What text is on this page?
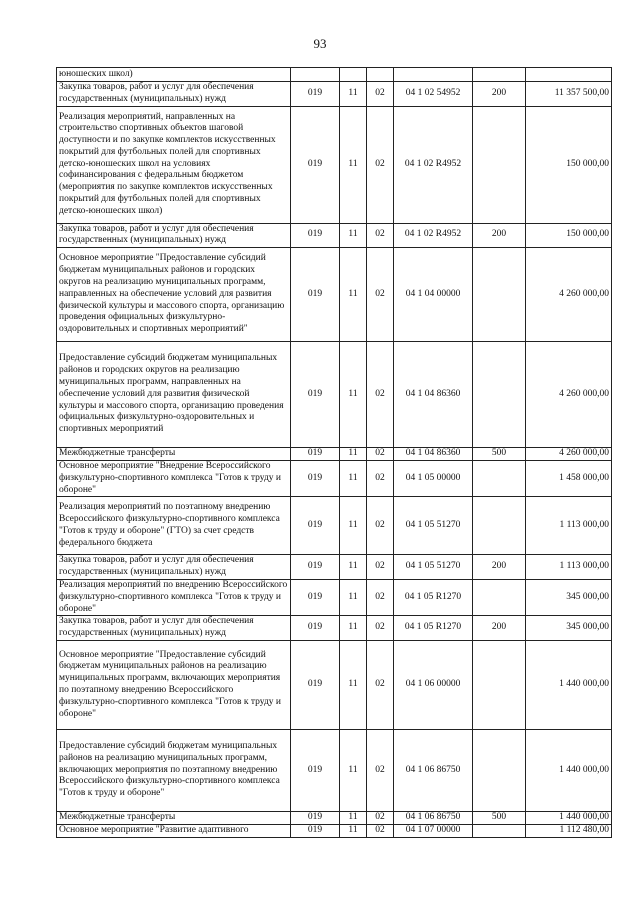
93
юношеских школ)						
Закупка товаров, работ и услуг для обеспечения государственных (муниципальных) нужд	019	11	02	04 1 02 54952	200	11 357 500,00
Реализация мероприятий, направленных на строительство спортивных объектов шаговой доступности и по закупке комплектов искусственных покрытий для футбольных полей для спортивных детско-юношеских школ на условиях софинансирования с федеральным бюджетом (мероприятия по закупке комплектов искусственных покрытий для футбольных полей для спортивных детско-юношеских школ)	019	11	02	04 1 02 R4952		150 000,00
Закупка товаров, работ и услуг для обеспечения государственных (муниципальных) нужд	019	11	02	04 1 02 R4952	200	150 000,00
Основное мероприятие "Предоставление субсидий бюджетам муниципальных районов и городских округов на реализацию муниципальных программ, направленных на обеспечение условий для развития физической культуры и массового спорта, организацию проведения официальных физкультурно-оздоровительных и спортивных мероприятий"	019	11	02	04 1 04 00000		4 260 000,00
Предоставление субсидий бюджетам муниципальных районов и городских округов на реализацию муниципальных программ, направленных на обеспечение условий для развития физической культуры и массового спорта, организацию проведения официальных физкультурно-оздоровительных и спортивных мероприятий	019	11	02	04 1 04 86360		4 260 000,00
Межбюджетные трансферты	019	11	02	04 1 04 86360	500	4 260 000,00
Основное мероприятие "Внедрение Всероссийского физкультурно-спортивного комплекса "Готов к труду и обороне"	019	11	02	04 1 05 00000		1 458 000,00
Реализация мероприятий по поэтапному внедрению Всероссийского физкультурно-спортивного комплекса "Готов к труду и обороне" (ГТО) за счет средств федерального бюджета	019	11	02	04 1 05 51270		1 113 000,00
Закупка товаров, работ и услуг для обеспечения государственных (муниципальных) нужд	019	11	02	04 1 05 51270	200	1 113 000,00
Реализация мероприятий по внедрению Всероссийского физкультурно-спортивного комплекса "Готов к труду и обороне"	019	11	02	04 1 05 R1270		345 000,00
Закупка товаров, работ и услуг для обеспечения государственных (муниципальных) нужд	019	11	02	04 1 05 R1270	200	345 000,00
Основное мероприятие "Предоставление субсидий бюджетам муниципальных районов на реализацию муниципальных программ, включающих мероприятия по поэтапному внедрению Всероссийского физкультурно-спортивного комплекса "Готов к труду и обороне"	019	11	02	04 1 06 00000		1 440 000,00
Предоставление субсидий бюджетам муниципальных районов на реализацию муниципальных программ, включающих мероприятия по поэтапному внедрению Всероссийского физкультурно-спортивного комплекса "Готов к труду и обороне"	019	11	02	04 1 06 86750		1 440 000,00
Межбюджетные трансферты	019	11	02	04 1 06 86750	500	1 440 000,00
Основное мероприятие "Развитие адаптивного	019	11	02	04 1 07 00000		1 112 480,00
